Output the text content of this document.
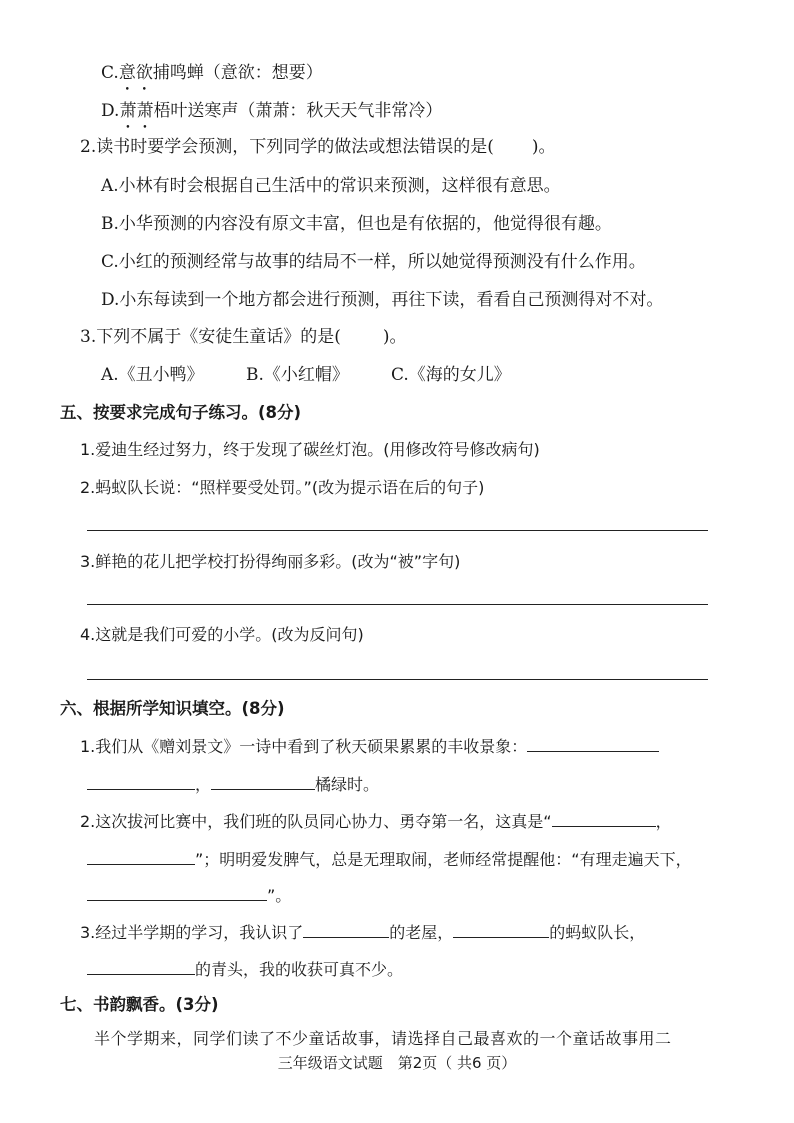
C.意欲捕鸣蝉（意欲：想要）
D.萧萧梧叶送寒声（萧萧：秋天天气非常冷）
2.读书时要学会预测，下列同学的做法或想法错误的是( )。
A.小林有时会根据自己生活中的常识来预测，这样很有意思。
B.小华预测的内容没有原文丰富，但也是有依据的，他觉得很有趣。
C.小红的预测经常与故事的结局不一样，所以她觉得预测没有什么作用。
D.小东每读到一个地方都会进行预测，再往下读，看看自己预测得对不对。
3.下列不属于《安徒生童话》的是( )。
A.《丑小鸭》 B.《小红帽》 C.《海的女儿》
五、按要求完成句子练习。(8分)
1.爱迪生经过努力，终于发现了碳丝灯泡。(用修改符号修改病句)
2.蚂蚁队长说：“照样要受处罚。”(改为提示语在后的句子)
3.鲜艳的花儿把学校打扮得绚丽多彩。(改为“被”字句)
4.这就是我们可爱的小学。(改为反问句)
六、根据所学知识填空。(8分)
1.我们从《赠刘景文》一诗中看到了秋天硕果累累的丰收景象：
，	橘绿时。
2.这次拔河比赛中，我们班的队员同心协力、勇夺第一名，这真是“	，
”；明明爱发脾气，总是无理取闹，老师经常提醒他：“有理走遍天下，
”。
3.经过半学期的学习，我认识了	的老屋，	的蚂蚁队长，
的青头，我的收获可真不少。
七、书韵飘香。(3分)
半个学期来，同学们读了不少童话故事，请选择自己最喜欢的一个童话故事用二
三年级语文试题　第2页（ 共6 页）
